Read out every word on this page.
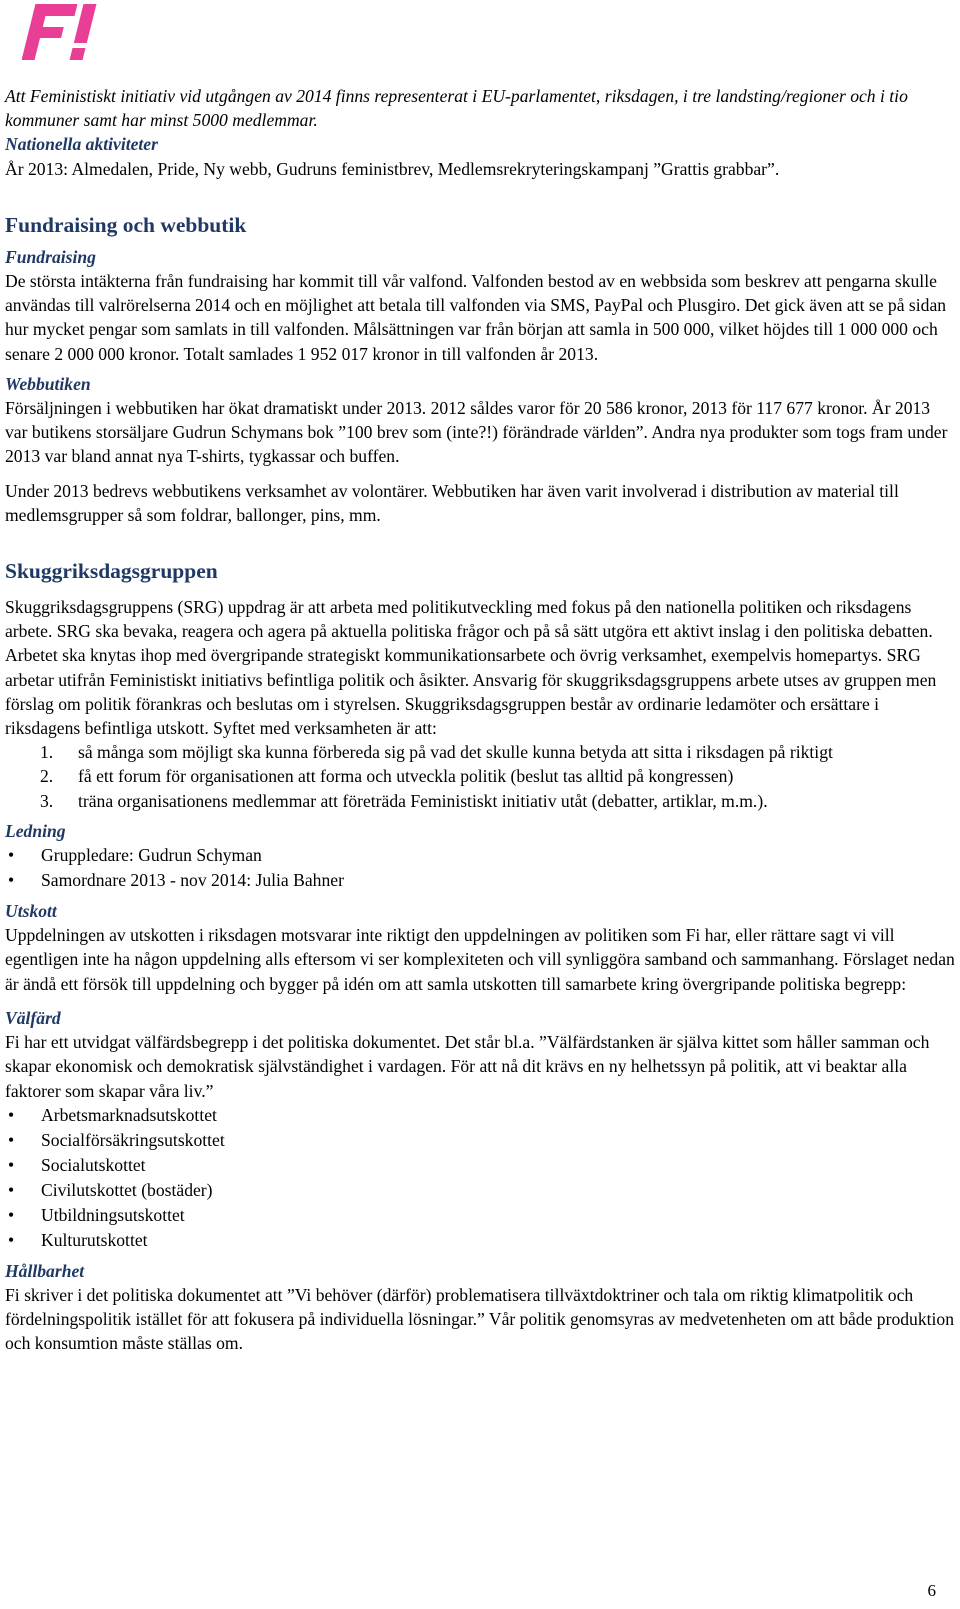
Att Feministiskt initiativ vid utgången av 2014 finns representerat i EU-parlamentet, riksdagen, i tre landsting/regioner och i tio kommuner samt har minst 5000 medlemmar.

Nationella aktiviteter

År 2013: Almedalen, Pride, Ny webb, Gudruns feministbrev, Medlemsrekryteringskampanj ”Grattis grabbar”.

Fundraising och webbutik
Fundraising

De största intäkterna från fundraising har kommit till vår valfond. Valfonden bestod av en webbsida som beskrev att pengarna skulle användas till valrörelserna 2014 och en möjlighet att betala till valfonden via SMS, PayPal och Plusgiro. Det gick även att se på sidan hur mycket pengar som samlats in till valfonden. Målsättningen var från början att samla in 500 000, vilket höjdes till 1 000 000 och senare 2 000 000 kronor. Totalt samlades 1 952 017 kronor in till valfonden år 2013.

Webbutiken

Försäljningen i webbutiken har ökat dramatiskt under 2013. 2012 såldes varor för 20 586 kronor, 2013 för 117 677 kronor. År 2013 var butikens storsäljare Gudrun Schymans bok ”100 brev som (inte?!) förändrade världen”. Andra nya produkter som togs fram under 2013 var bland annat nya T-shirts, tygkassar och buffen.

Under 2013 bedrevs webbutikens verksamhet av volontärer. Webbutiken har även varit involverad i distribution av material till medlemsgrupper så som foldrar, ballonger, pins, mm.

Skuggriksdagsgruppen

Skuggriksdagsgruppens (SRG) uppdrag är att arbeta med politikutveckling med fokus på den nationella politiken och riksdagens arbete. SRG ska bevaka, reagera och agera på aktuella politiska frågor och på så sätt utgöra ett aktivt inslag i den politiska debatten. Arbetet ska knytas ihop med övergripande strategiskt kommunikationsarbete och övrig verksamhet, exempelvis homepartys. SRG arbetar utifrån Feministiskt initiativs befintliga politik och åsikter. Ansvarig för skuggriksdagsgruppens arbete utses av gruppen men förslag om politik förankras och beslutas om i styrelsen. Skuggriksdagsgruppen består av ordinarie ledamöter och ersättare i riksdagens befintliga utskott. Syftet med verksamheten är att:

1. så många som möjligt ska kunna förbereda sig på vad det skulle kunna betyda att sitta i riksdagen på riktigt
2. få ett forum för organisationen att forma och utveckla politik (beslut tas alltid på kongressen)
3. träna organisationens medlemmar att företräda Feministiskt initiativ utåt (debatter, artiklar, m.m.).
Ledning
• Gruppledare: Gudrun Schyman
• Samordnare 2013 - nov 2014: Julia Bahner
Utskott

Uppdelningen av utskotten i riksdagen motsvarar inte riktigt den uppdelningen av politiken som Fi har, eller rättare sagt vi vill egentligen inte ha någon uppdelning alls eftersom vi ser komplexiteten och vill synliggöra samband och sammanhang. Förslaget nedan är ändå ett försök till uppdelning och bygger på idén om att samla utskotten till samarbete kring övergripande politiska begrepp:

Välfärd

Fi har ett utvidgat välfärdsbegrepp i det politiska dokumentet. Det står bl.a. ”Välfärdstanken är själva kittet som håller samman och skapar ekonomisk och demokratisk självständighet i vardagen. För att nå dit krävs en ny helhetssyn på politik, att vi beaktar alla faktorer som skapar våra liv.”

• Arbetsmarknadsutskottet
• Socialförsäkringsutskottet
• Socialutskottet
• Civilutskottet (bostäder)
• Utbildningsutskottet
• Kulturutskottet
Hållbarhet

Fi skriver i det politiska dokumentet att ”Vi behöver (därför) problematisera tillväxtdoktriner och tala om riktig klimatpolitik och fördelningspolitik istället för att fokusera på individuella lösningar.” Vår politik genomsyras av medvetenheten om att både produktion och konsumtion måste ställas om.

6
